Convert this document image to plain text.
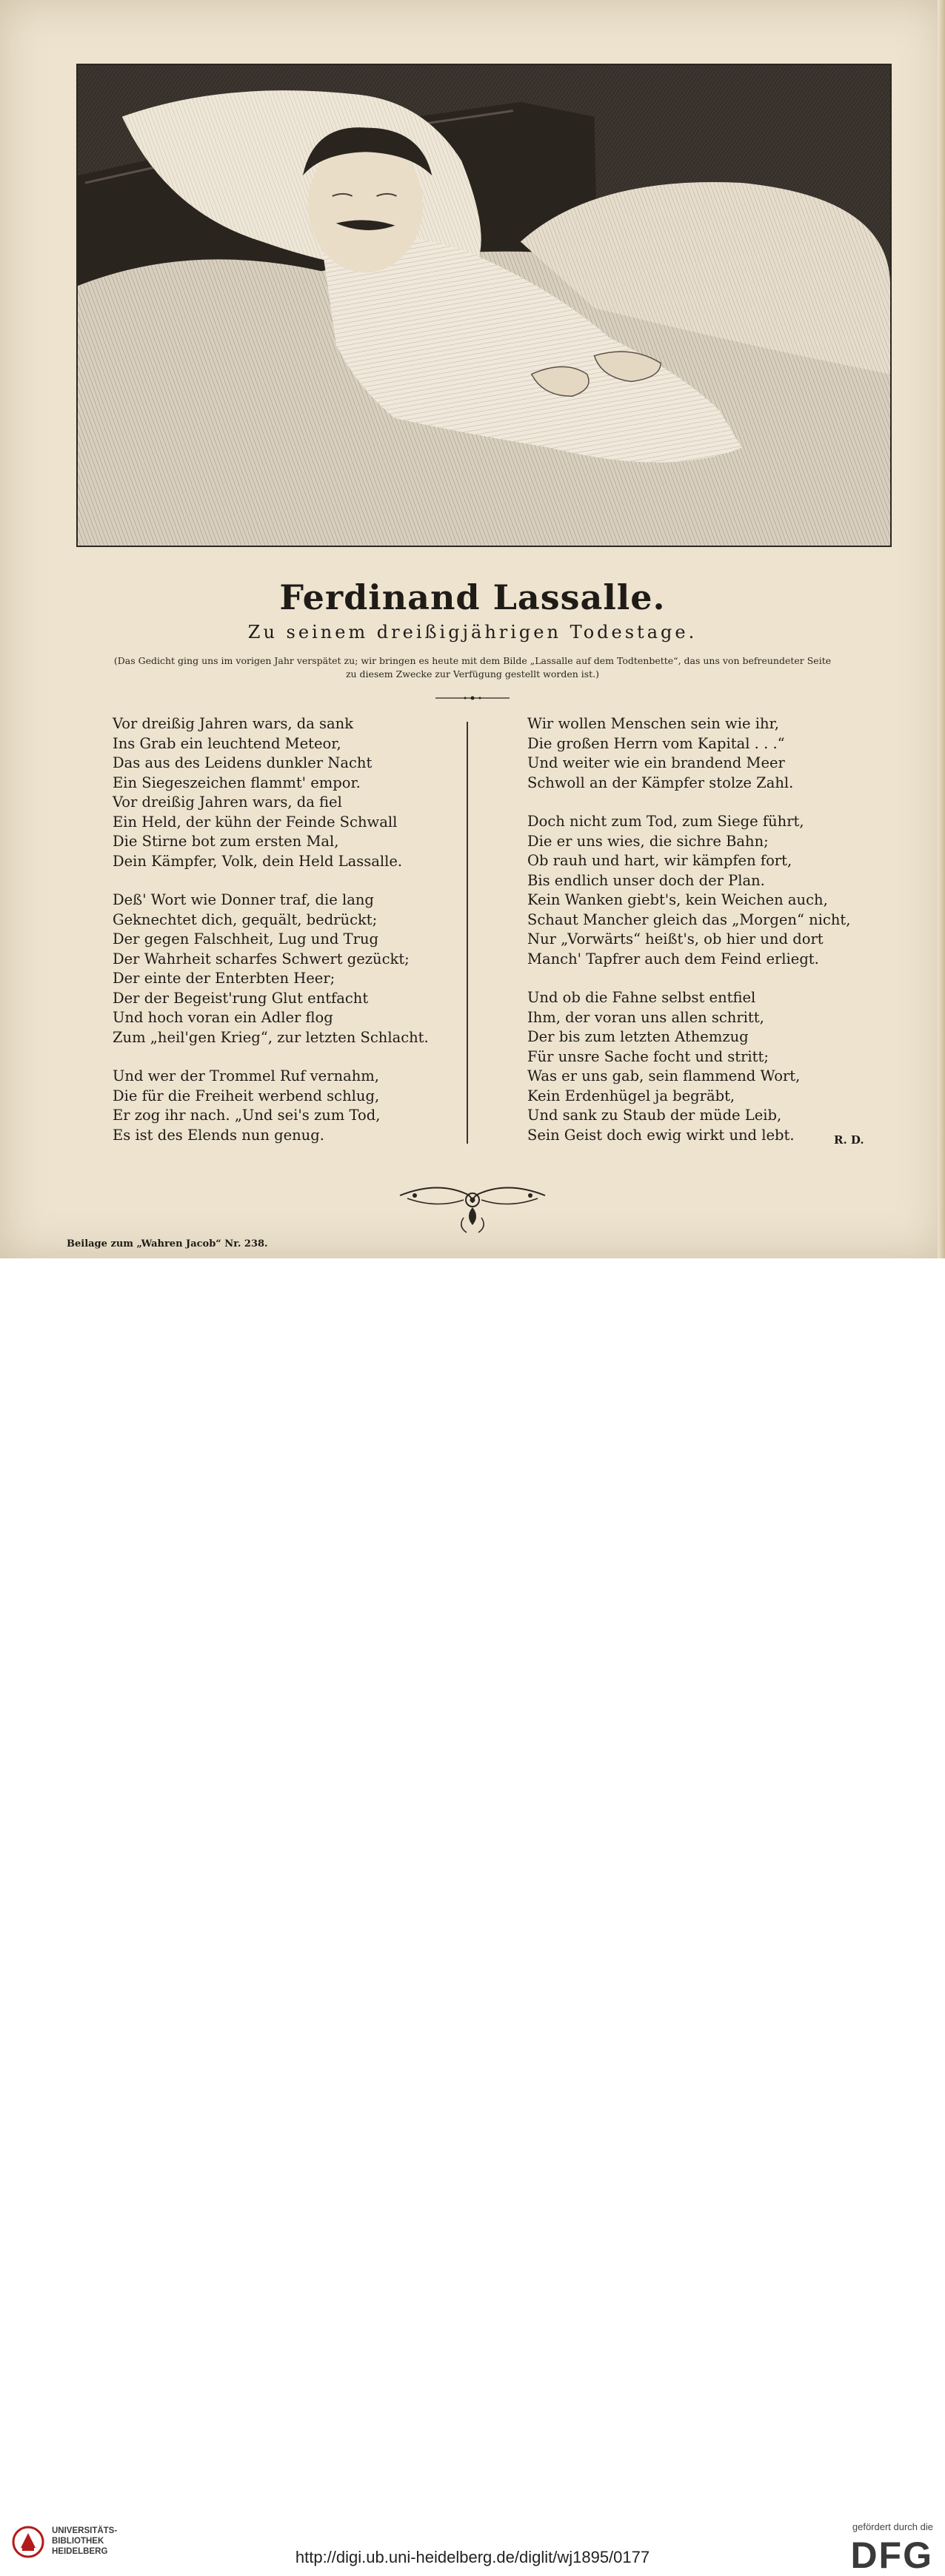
Ferdinand Lassalle.
Zu seinem dreißigjährigen Todestage.
(Das Gedicht ging uns im vorigen Jahr verspätet zu; wir bringen es heute mit dem Bilde „Lassalle auf dem Todtenbette“, das uns von befreundeter Seite zu diesem Zwecke zur Verfügung gestellt worden ist.)
Vor dreißig Jahren wars, da sank
Ins Grab ein leuchtend Meteor,
Das aus des Leidens dunkler Nacht
Ein Siegeszeichen flammt' empor.
Vor dreißig Jahren wars, da fiel
Ein Held, der kühn der Feinde Schwall
Die Stirne bot zum ersten Mal,
Dein Kämpfer, Volk, dein Held Lassalle.
Deß' Wort wie Donner traf, die lang
Geknechtet dich, gequält, bedrückt;
Der gegen Falschheit, Lug und Trug
Der Wahrheit scharfes Schwert gezückt;
Der einte der Enterbten Heer;
Der der Begeist'rung Glut entfacht
Und hoch voran ein Adler flog
Zum „heil'gen Krieg“, zur letzten Schlacht.
Und wer der Trommel Ruf vernahm,
Die für die Freiheit werbend schlug,
Er zog ihr nach. „Und sei's zum Tod,
Es ist des Elends nun genug.
Wir wollen Menschen sein wie ihr,
Die großen Herrn vom Kapital . . .“
Und weiter wie ein brandend Meer
Schwoll an der Kämpfer stolze Zahl.
Doch nicht zum Tod, zum Siege führt,
Die er uns wies, die sichre Bahn;
Ob rauh und hart, wir kämpfen fort,
Bis endlich unser doch der Plan.
Kein Wanken giebt's, kein Weichen auch,
Schaut Mancher gleich das „Morgen“ nicht,
Nur „Vorwärts“ heißt's, ob hier und dort
Manch' Tapfrer auch dem Feind erliegt.
Und ob die Fahne selbst entfiel
Ihm, der voran uns allen schritt,
Der bis zum letzten Athemzug
Für unsre Sache focht und stritt;
Was er uns gab, sein flammend Wort,
Kein Erdenhügel ja begräbt,
Und sank zu Staub der müde Leib,
Sein Geist doch ewig wirkt und lebt.	R. D.
Beilage zum „Wahren Jacob“ Nr. 238.
UNIVERSITÄTS-
BIBLIOTHEK
HEIDELBERG	http://digi.ub.uni-heidelberg.de/diglit/wj1895/0177
gefördert durch die
DFG
